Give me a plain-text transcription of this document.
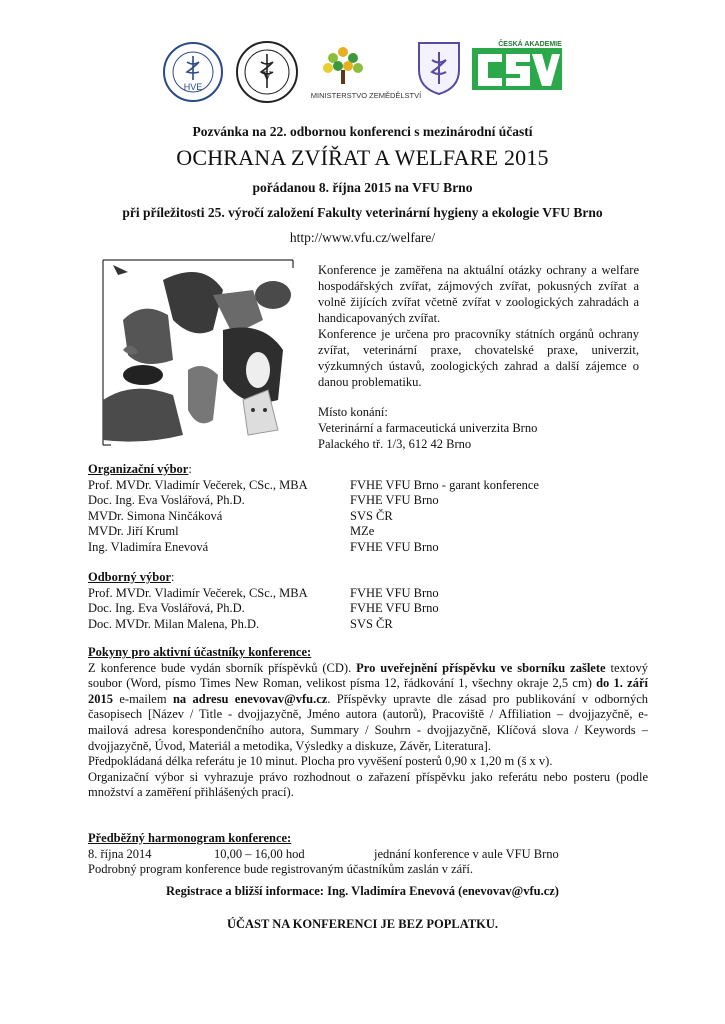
HVE
V
MINISTERSTVO ZEMĚDĚLSTVÍ
ČESKÁ AKADEMIE
Pozvánka na 22. odbornou konferenci s mezinárodní účastí
OCHRANA ZVÍŘAT A WELFARE 2015
pořádanou 8. října 2015 na VFU Brno
při příležitosti 25. výročí založení Fakulty veterinární hygieny a ekologie VFU Brno
http://www.vfu.cz/welfare/

Konference je zaměřena na aktuální otázky ochrany a welfare hospodářských zvířat, zájmových zvířat, pokusných zvířat a volně žijících zvířat včetně zvířat v zoologických zahradách a handicapovaných zvířat.

Konference je určena pro pracovníky státních orgánů ochrany zvířat, veterinární praxe, chovatelské praxe, univerzit, výzkumných ústavů, zoologických zahrad a další zájemce o danou problematiku.

Místo konání:

Veterinární a farmaceutická univerzita Brno

Palackého tř. 1/3, 612 42 Brno

Organizační výbor:
Prof. MVDr. Vladimír Večerek, CSc., MBA	FVHE VFU Brno - garant konference
Doc. Ing. Eva Voslářová, Ph.D.	FVHE VFU Brno
MVDr. Simona Ninčáková	SVS ČR
MVDr. Jiří Kruml	MZe
Ing. Vladimíra Enevová	FVHE VFU Brno
Odborný výbor:
Prof. MVDr. Vladimír Večerek, CSc., MBA	FVHE VFU Brno
Doc. Ing. Eva Voslářová, Ph.D.	FVHE VFU Brno
Doc. MVDr. Milan Malena, Ph.D.	SVS ČR
Pokyny pro aktivní účastníky konference:
Z konference bude vydán sborník příspěvků (CD). Pro uveřejnění příspěvku ve sborníku zašlete textový soubor (Word, písmo Times New Roman, velikost písma 12, řádkování 1, všechny okraje 2,5 cm) do 1. září 2015 e-mailem na adresu enevovav@vfu.cz. Příspěvky upravte dle zásad pro publikování v odborných časopisech [Název / Title - dvojjazyčně, Jméno autora (autorů), Pracoviště / Affiliation – dvojjazyčně, e-mailová adresa korespondenčního autora, Summary / Souhrn - dvojjazyčně, Klíčová slova / Keywords – dvojjazyčně, Úvod, Materiál a metodika, Výsledky a diskuze, Závěr, Literatura].
Předpokládaná délka referátu je 10 minut. Plocha pro vyvěšení posterů 0,90 x 1,20 m (š x v).
Organizační výbor si vyhrazuje právo rozhodnout o zařazení příspěvku jako referátu nebo posteru (podle množství a zaměření přihlášených prací).
Předběžný harmonogram konference:
8. října 2014	10,00 – 16,00 hod	jednání konference v aule VFU Brno
Podrobný program konference bude registrovaným účastníkům zaslán v září.
Registrace a bližší informace: Ing. Vladimíra Enevová (enevovav@vfu.cz)
ÚČAST NA KONFERENCI JE BEZ POPLATKU.
